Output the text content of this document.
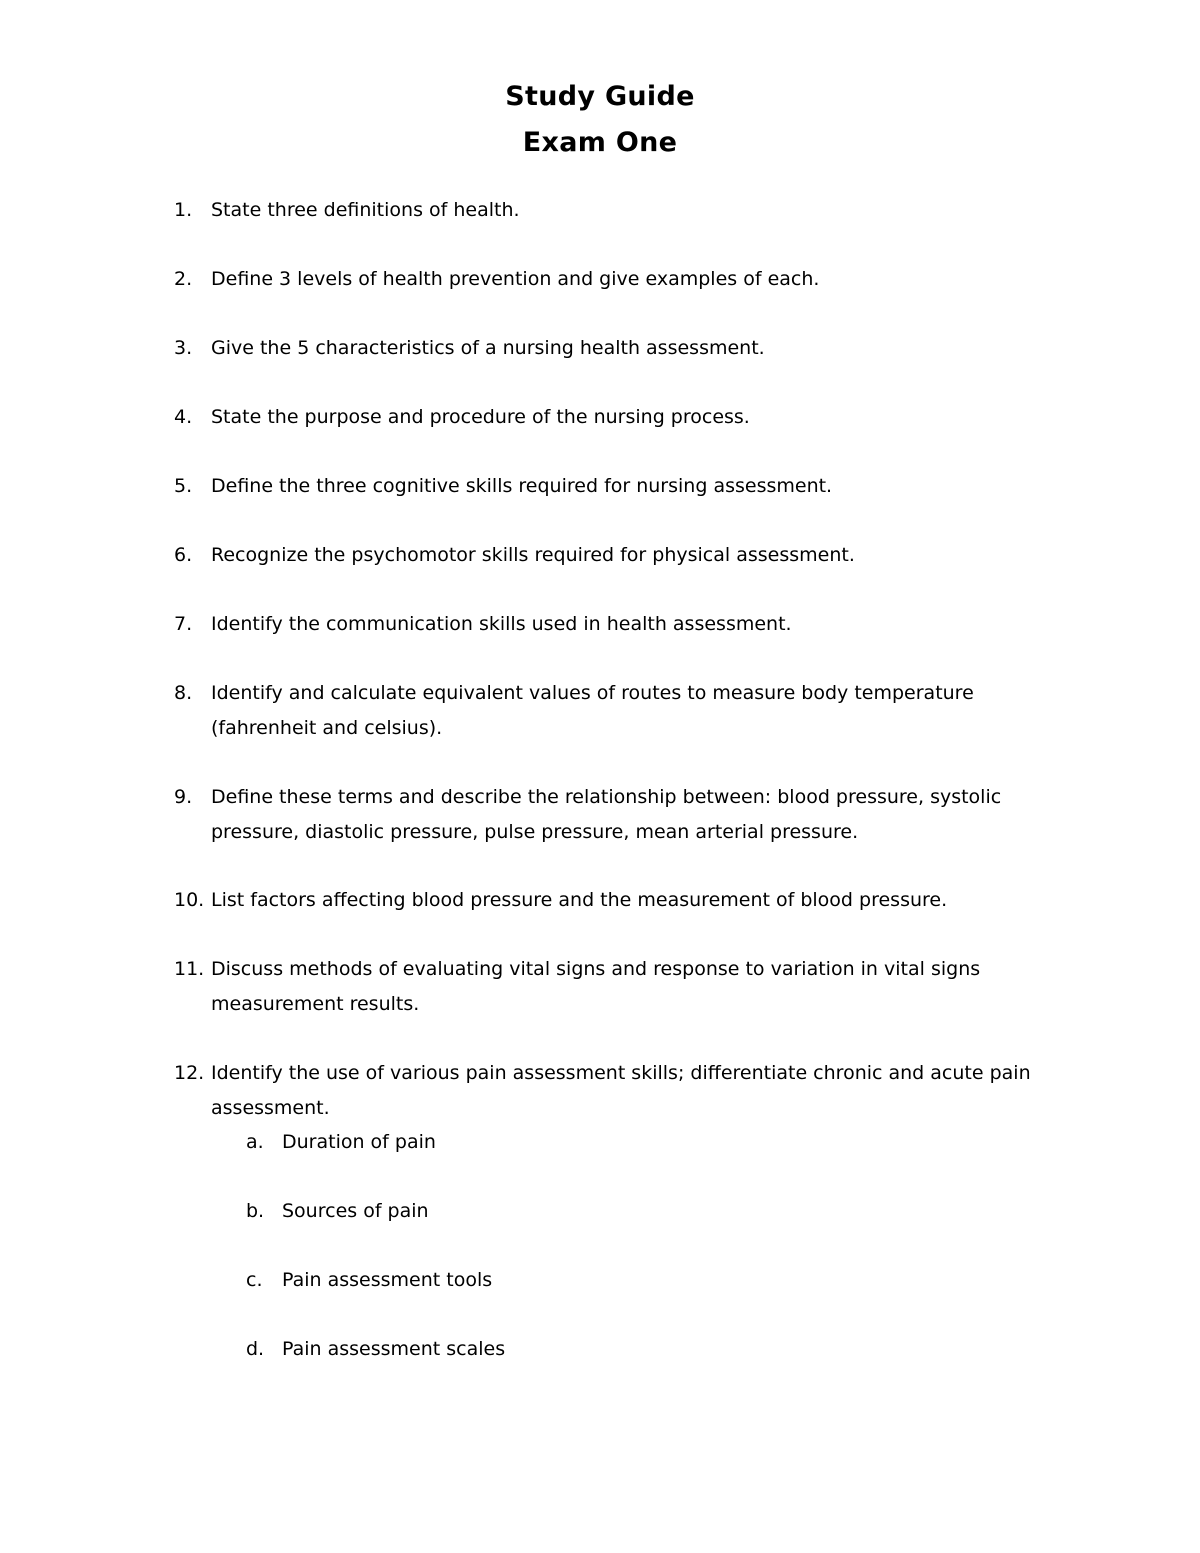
Study Guide
Exam One
1. State three definitions of health.
2. Define 3 levels of health prevention and give examples of each.
3. Give the 5 characteristics of a nursing health assessment.
4. State the purpose and procedure of the nursing process.
5. Define the three cognitive skills required for nursing assessment.
6. Recognize the psychomotor skills required for physical assessment.
7. Identify the communication skills used in health assessment.
8. Identify and calculate equivalent values of routes to measure body temperature (fahrenheit and celsius).
9. Define these terms and describe the relationship between: blood pressure, systolic pressure, diastolic pressure, pulse pressure, mean arterial pressure.
10. List factors affecting blood pressure and the measurement of blood pressure.
11. Discuss methods of evaluating vital signs and response to variation in vital signs measurement results.
12. Identify the use of various pain assessment skills; differentiate chronic and acute pain assessment.
a. Duration of pain
b. Sources of pain
c.	Pain assessment tools
d. Pain assessment scales
